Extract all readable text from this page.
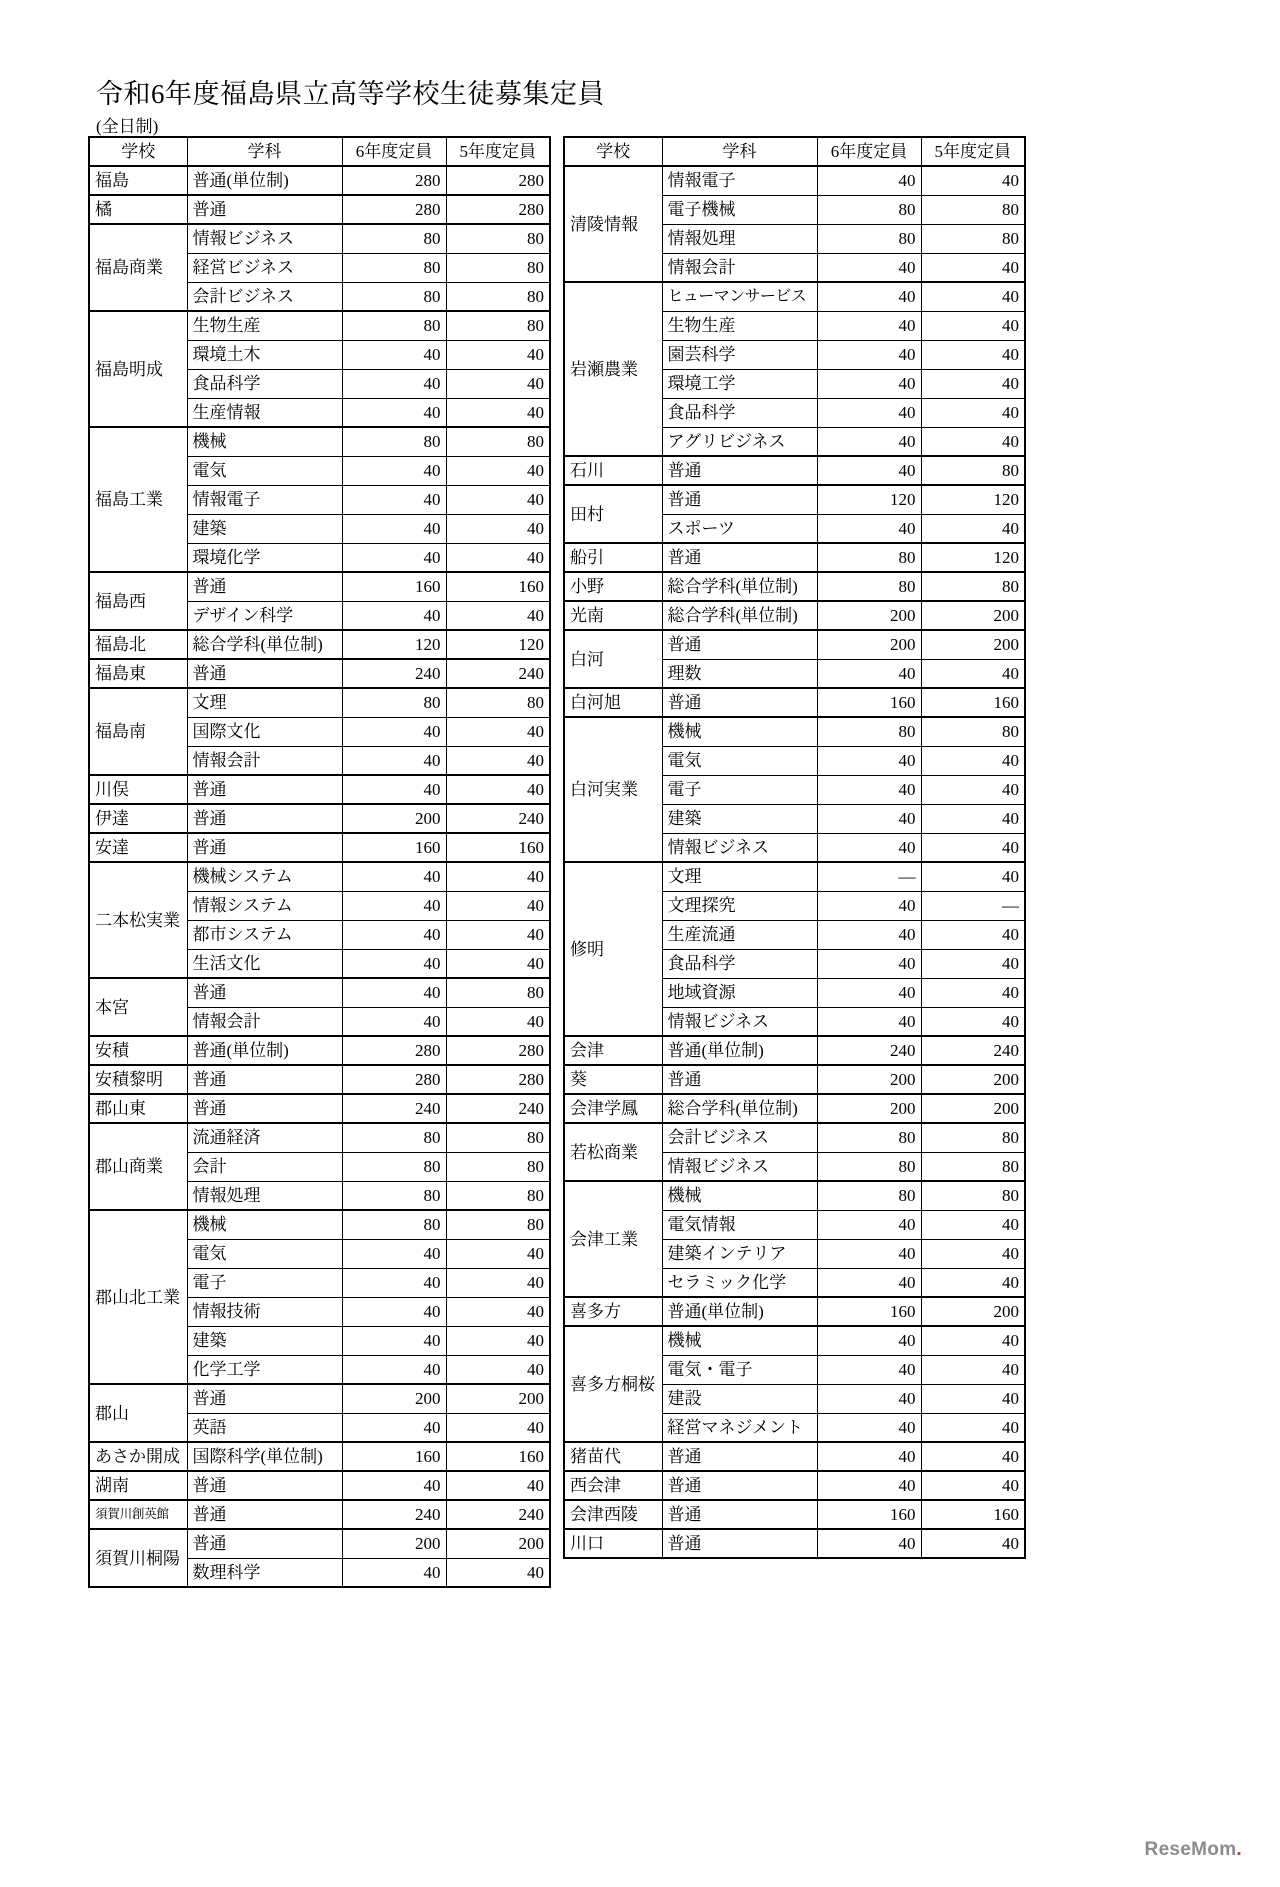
令和6年度福島県立高等学校生徒募集定員
(全日制)
学校	学科	6年度定員	5年度定員
福島	普通(単位制)	280	280
橘	普通	280	280
福島商業	情報ビジネス	80	80
	経営ビジネス	80	80
	会計ビジネス	80	80
福島明成	生物生産	80	80
	環境土木	40	40
	食品科学	40	40
	生産情報	40	40
福島工業	機械	80	80
	電気	40	40
	情報電子	40	40
	建築	40	40
	環境化学	40	40
福島西	普通	160	160
	デザイン科学	40	40
福島北	総合学科(単位制)	120	120
福島東	普通	240	240
福島南	文理	80	80
	国際文化	40	40
	情報会計	40	40
川俣	普通	40	40
伊達	普通	200	240
安達	普通	160	160
二本松実業	機械システム	40	40
	情報システム	40	40
	都市システム	40	40
	生活文化	40	40
本宮	普通	40	80
	情報会計	40	40
安積	普通(単位制)	280	280
安積黎明	普通	280	280
郡山東	普通	240	240
郡山商業	流通経済	80	80
	会計	80	80
	情報処理	80	80
郡山北工業	機械	80	80
	電気	40	40
	電子	40	40
	情報技術	40	40
	建築	40	40
	化学工学	40	40
郡山	普通	200	200
	英語	40	40
あさか開成	国際科学(単位制)	160	160
湖南	普通	40	40
須賀川創英館	普通	240	240
須賀川桐陽	普通	200	200
	数理科学	40	40
学校	学科	6年度定員	5年度定員
清陵情報	情報電子	40	40
	電子機械	80	80
	情報処理	80	80
	情報会計	40	40
岩瀬農業	ヒューマンサービス	40	40
	生物生産	40	40
	園芸科学	40	40
	環境工学	40	40
	食品科学	40	40
	アグリビジネス	40	40
石川	普通	40	80
田村	普通	120	120
	スポーツ	40	40
船引	普通	80	120
小野	総合学科(単位制)	80	80
光南	総合学科(単位制)	200	200
白河	普通	200	200
	理数	40	40
白河旭	普通	160	160
白河実業	機械	80	80
	電気	40	40
	電子	40	40
	建築	40	40
	情報ビジネス	40	40
修明	文理	—	40
	文理探究	40	—
	生産流通	40	40
	食品科学	40	40
	地域資源	40	40
	情報ビジネス	40	40
会津	普通(単位制)	240	240
葵	普通	200	200
会津学鳳	総合学科(単位制)	200	200
若松商業	会計ビジネス	80	80
	情報ビジネス	80	80
会津工業	機械	80	80
	電気情報	40	40
	建築インテリア	40	40
	セラミック化学	40	40
喜多方	普通(単位制)	160	200
喜多方桐桜	機械	40	40
	電気・電子	40	40
	建設	40	40
	経営マネジメント	40	40
猪苗代	普通	40	40
西会津	普通	40	40
会津西陵	普通	160	160
川口	普通	40	40
ReseMom.
